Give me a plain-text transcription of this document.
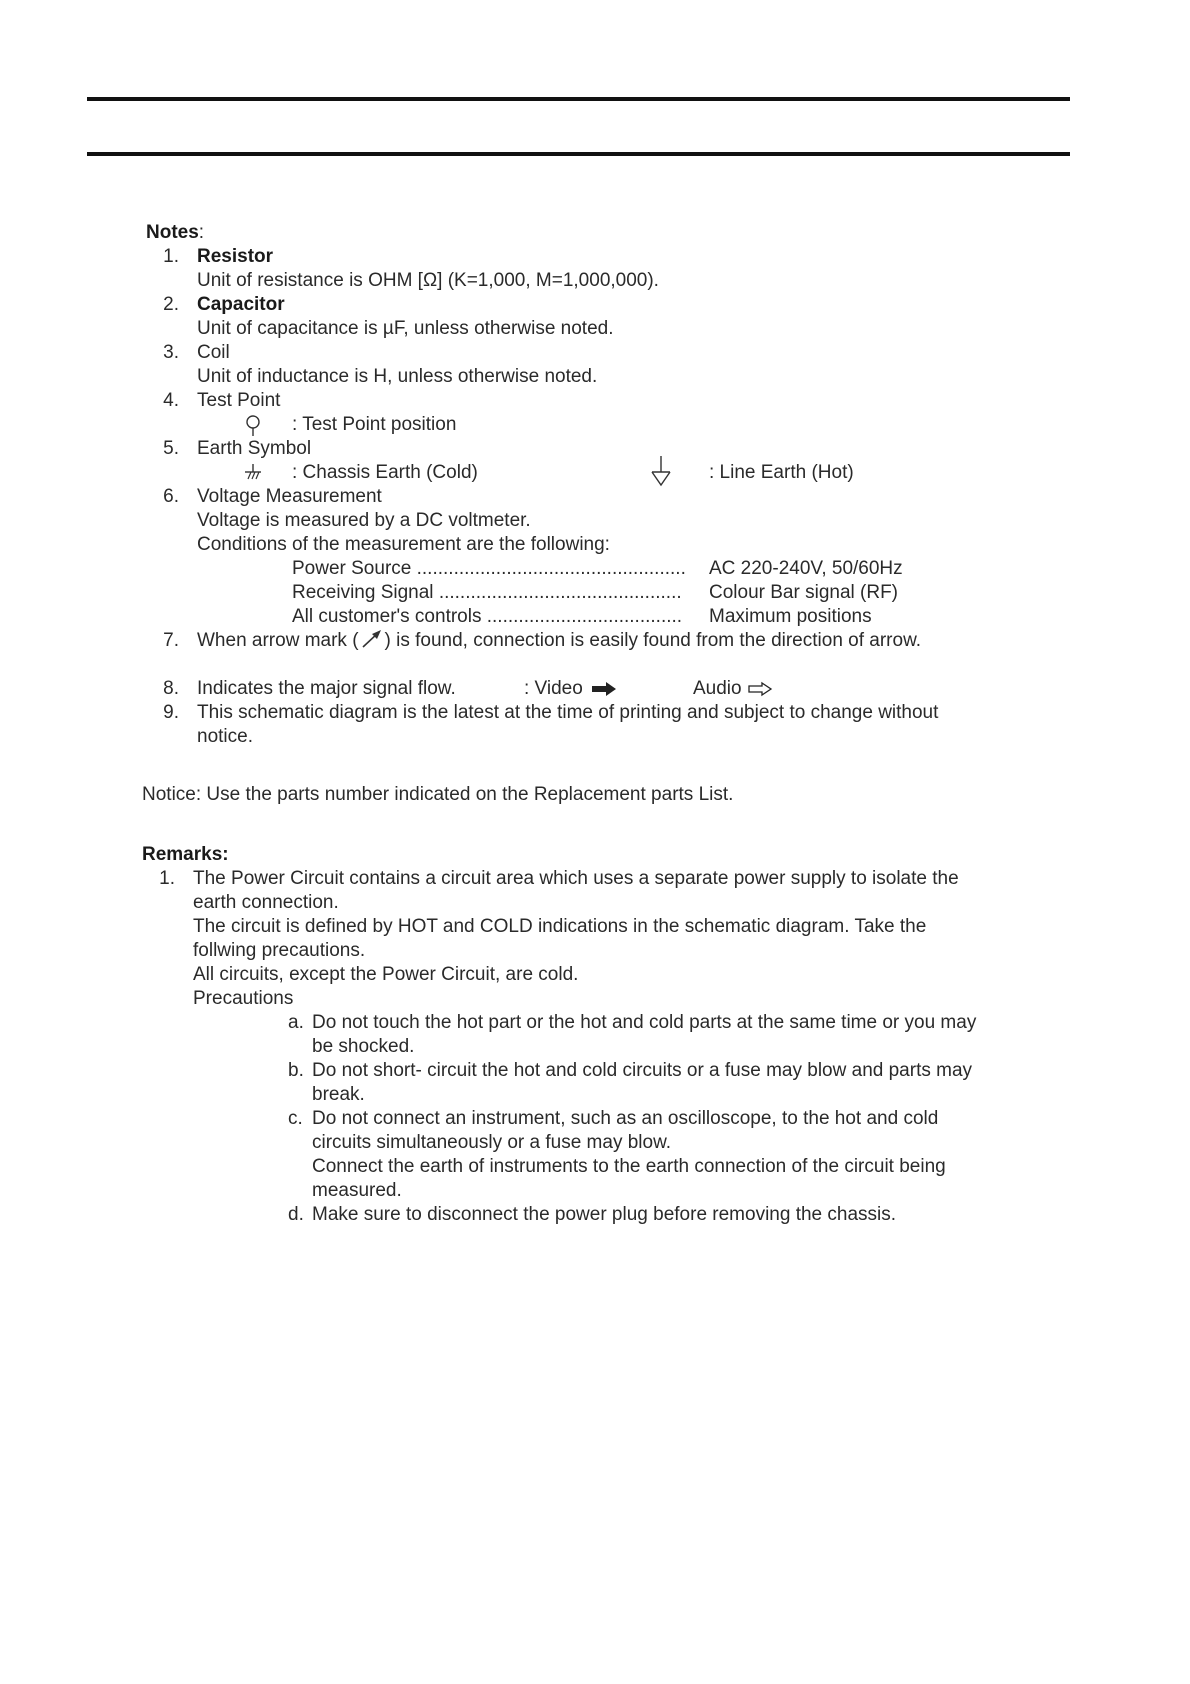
Notes:
1. Resistor
Unit of resistance is OHM [Ω] (K=1,000, M=1,000,000).
2. Capacitor
Unit of capacitance is µF, unless otherwise noted.
3. Coil
Unit of inductance is H, unless otherwise noted.
4. Test Point
: Test Point position
5. Earth Symbol
: Chassis Earth (Cold)	: Line Earth (Hot)
6. Voltage Measurement
Voltage is measured by a DC voltmeter.
Conditions of the measurement are the following:
Power Source ................................................... AC 220-240V, 50/60Hz
Receiving Signal .............................................. Colour Bar signal (RF)
All customer's controls ..................................... Maximum positions
7. When arrow mark ( ) is found, connection is easily found from the direction of arrow.
8. Indicates the major signal flow.	: Video	Audio
9. This schematic diagram is the latest at the time of printing and subject to change without
notice.
Notice: Use the parts number indicated on the Replacement parts List.
Remarks:
1. The Power Circuit contains a circuit area which uses a separate power supply to isolate the
earth connection.
The circuit is defined by HOT and COLD indications in the schematic diagram. Take the
follwing precautions.
All circuits, except the Power Circuit, are cold.
Precautions
a. Do not touch the hot part or the hot and cold parts at the same time or you may
be shocked.
b. Do not short- circuit the hot and cold circuits or a fuse may blow and parts may
break.
c. Do not connect an instrument, such as an oscilloscope, to the hot and cold
circuits simultaneously or a fuse may blow.
Connect the earth of instruments to the earth connection of the circuit being
measured.
d. Make sure to disconnect the power plug before removing the chassis.
